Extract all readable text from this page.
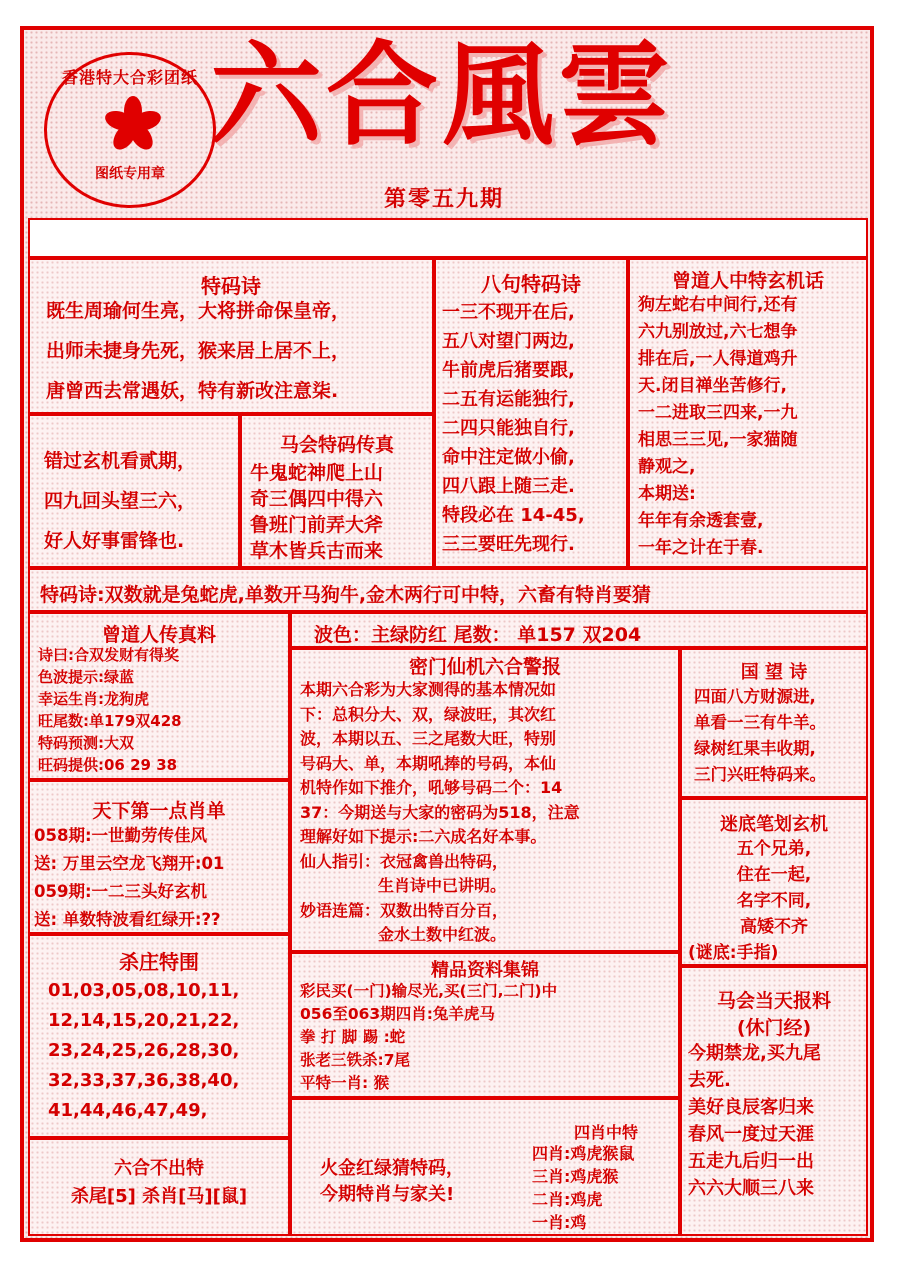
香港特大合彩团纸
图纸专用章
六合風雲
第零五九期
特码诗
既生周瑜何生亮，大将拼命保皇帝，
出师未捷身先死，猴来居上居不上，
唐曾西去常遇妖，特有新改注意柒.
错过玄机看贰期，
四九回头望三六，
好人好事雷锋也.
马会特码传真
牛鬼蛇神爬上山
奇三偶四中得六
鲁班门前弄大斧
草木皆兵古而来
八句特码诗
一三不现开在后,
五八对望门两边,
牛前虎后猪要跟,
二五有运能独行,
二四只能独自行,
命中注定做小偷,
四八跟上随三走.
特段必在 14-45,
三三要旺先现行.
曾道人中特玄机话
狗左蛇右中间行,还有
六九别放过,六七想争
排在后,一人得道鸡升
天.闭目禅坐苦修行,
一二进取三四来,一九
相思三三见,一家猫随
静观之,
本期送:
年年有余透套壹,
一年之计在于春.
特码诗:双数就是兔蛇虎,单数开马狗牛,金木两行可中特，六畜有特肖要猜
曾道人传真料
诗曰:合双发财有得奖
色波提示:绿蓝
幸运生肖:龙狗虎
旺尾数:单179双428
特码预测:大双
旺码提供:06 29 38
波色：主绿防红 尾数： 单157 双204
密门仙机六合警报
本期六合彩为大家测得的基本情况如
下：总积分大、双，绿波旺，其次红
波，本期以五、三之尾数大旺，特别
号码大、单，本期吼捧的号码，本仙
机特作如下推介，吼够号码二个：14
37：今期送与大家的密码为518，注意
理解好如下提示:二六成名好本事。
仙人指引：衣冠禽兽出特码，
生肖诗中已讲明。
妙语连篇：双数出特百分百，
金水土数中红波。
国 望 诗
四面八方财源进,
单看一三有牛羊。
绿树红果丰收期,
三门兴旺特码来。
天下第一点肖单
058期:一世勤劳传佳风
送: 万里云空龙飞翔开:01
059期:一二三头好玄机
送: 单数特波看红绿开:??
迷底笔划玄机
五个兄弟,
住在一起,
名字不同,
高矮不齐
(谜底:手指)
杀庄特围
01,03,05,08,10,11,
12,14,15,20,21,22,
23,24,25,26,28,30,
32,33,37,36,38,40,
41,44,46,47,49,
精品资料集锦
彩民买(一门)输尽光,买(三门,二门)中
056至063期四肖:兔羊虎马
拳 打 脚 踢 :蛇
张老三铁杀:7尾
平特一肖: 猴
马会当天报料
(休门经)
今期禁龙,买九尾
去死.
美好良辰客归来
春风一度过天涯
五走九后归一出
六六大顺三八来
火金红绿猜特码，
今期特肖与家关!
四肖中特
四肖:鸡虎猴鼠
三肖:鸡虎猴
二肖:鸡虎
一肖:鸡
六合不出特
杀尾[5] 杀肖[马][鼠]
